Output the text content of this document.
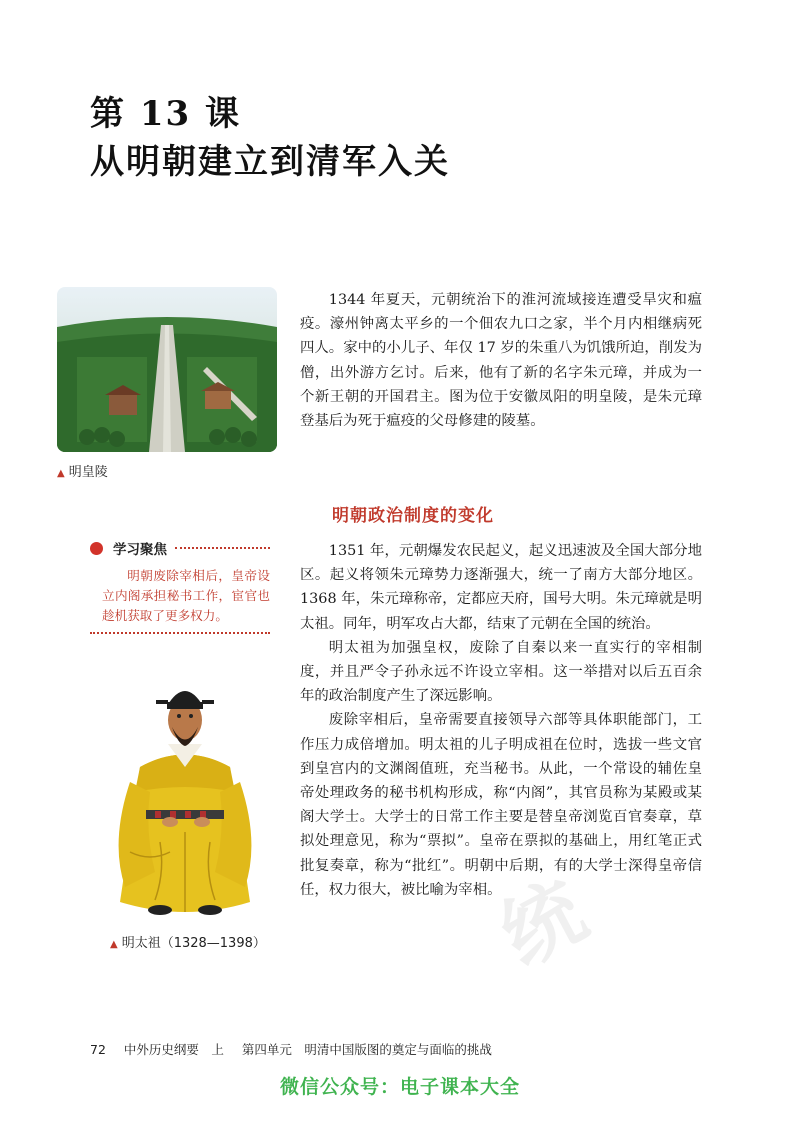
第 13 课
从明朝建立到清军入关
▲ 明皇陵

1344 年夏天，元朝统治下的淮河流域接连遭受旱灾和瘟疫。濠州钟离太平乡的一个佃农九口之家，半个月内相继病死四人。家中的小儿子、年仅 17 岁的朱重八为饥饿所迫，削发为僧，出外游方乞讨。后来，他有了新的名字朱元璋，并成为一个新王朝的开国君主。图为位于安徽凤阳的明皇陵，是朱元璋登基后为死于瘟疫的父母修建的陵墓。

明朝政治制度的变化

1351 年，元朝爆发农民起义，起义迅速波及全国大部分地区。起义将领朱元璋势力逐渐强大，统一了南方大部分地区。1368 年，朱元璋称帝，定都应天府，国号大明。朱元璋就是明太祖。同年，明军攻占大都，结束了元朝在全国的统治。

明太祖为加强皇权，废除了自秦以来一直实行的宰相制度，并且严令子孙永远不许设立宰相。这一举措对以后五百余年的政治制度产生了深远影响。

废除宰相后，皇帝需要直接领导六部等具体职能部门，工作压力成倍增加。明太祖的儿子明成祖在位时，选拔一些文官到皇宫内的文渊阁值班，充当秘书。从此，一个常设的辅佐皇帝处理政务的秘书机构形成，称“内阁”，其官员称为某殿或某阁大学士。大学士的日常工作主要是替皇帝浏览百官奏章，草拟处理意见，称为“票拟”。皇帝在票拟的基础上，用红笔正式批复奏章，称为“批红”。明朝中后期，有的大学士深得皇帝信任，权力很大，被比喻为宰相。

学习聚焦
明朝废除宰相后，皇帝设立内阁承担秘书工作，宦官也趁机获取了更多权力。
▲ 明太祖（1328—1398）	统
72 中外历史纲要　上 第四单元　明清中国版图的奠定与面临的挑战
微信公众号：电子课本大全
